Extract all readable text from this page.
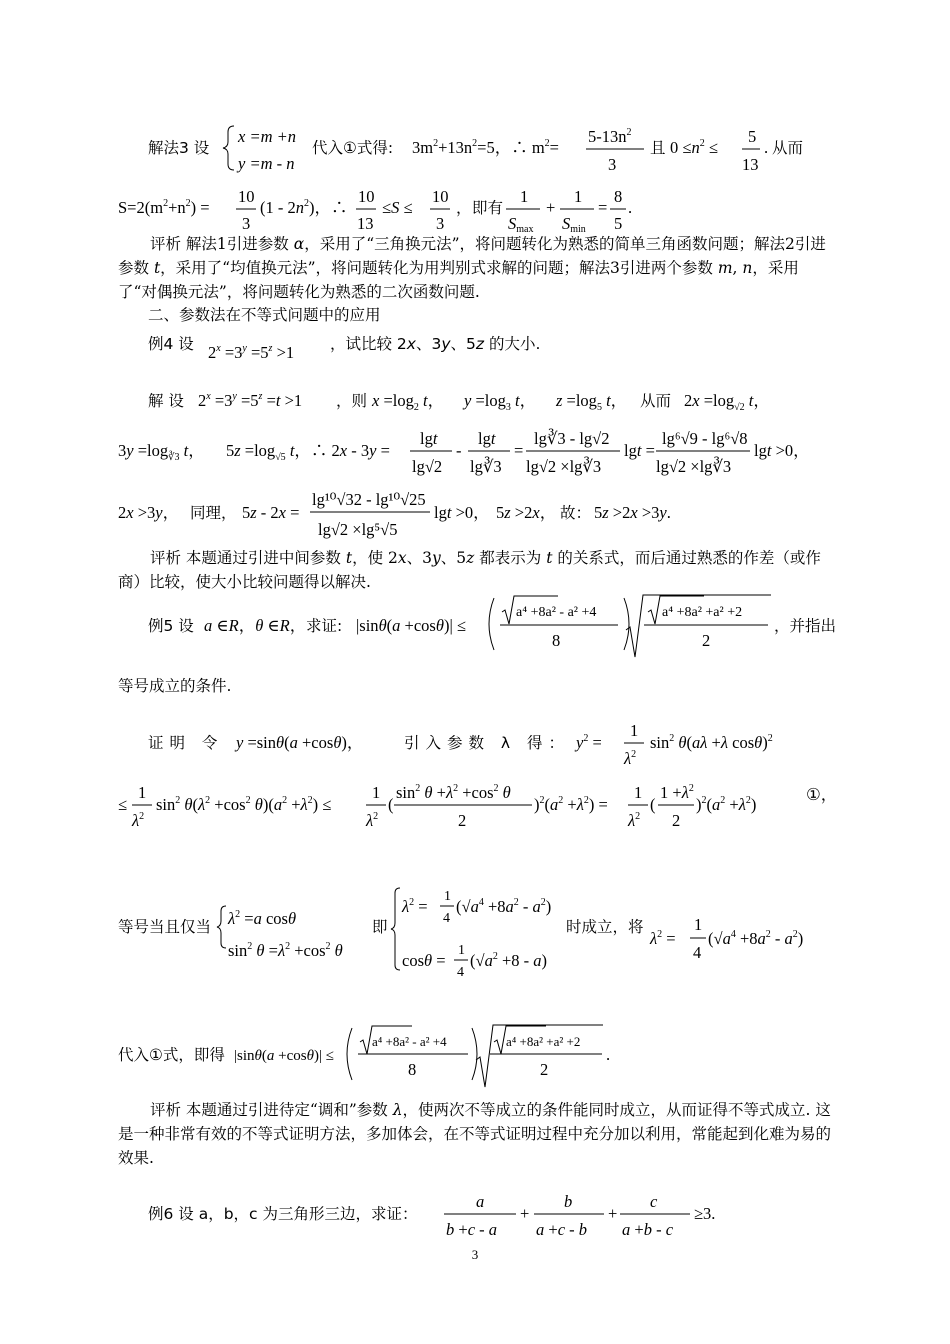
解法3 设
x =m +n
y =m - n
代入①式得: $3m^2+13n^2=5$，∴ $m^2=$
$5-13n^2$
3
且 $0 \le n^2$ ≤
5
13
. 从而
$S=2(m^2+n^2)$ =
10
3
$(1 - 2n^2)$，∴
10
13
≤S ≤
10
3
， 即有
1
Smax
+
1
Smin
=
8
5
.
例4 设 $2^x =3^y =5^z >1$ ，试比较 2x、3y、5z 的大小.
解 设 $2^x =3^y =5^z =t >1$ ，则 $x =\log_2$ t， $y =\log_3$ t， $z =\log_5$ t， 从而 $2x =\log_{√2}$ t，
$3y =\log_{∛3}$ t， $5z =\log_{√5}$ t，∴ 2x - 3y =
lgt
lg√2
-
lgt
lg∛3
=
lg∛3 - lg√2
lg√2 ×lg∛3
lgt =
lg⁶√9 - lg⁶√8
lg√2 ×lg∛3
lgt >0，
2x >3y， 同理， 5z - 2x =
lg¹⁰√32 - lg¹⁰√25
lg√2 ×lg⁵√5
lgt >0， 5z >2x， 故： 5z >2x >3y.
例5 设 a ∈R，θ ∈R， 求证: |sinθ(a +cosθ)| ≤
a⁴ +8a² - a² +4
8
a⁴ +8a² +a² +2
2
，并指出
等号成立的条件.
证明 令 y =sinθ(a +cosθ)，	引入参数 λ 得： $y^2$ =
1
$\lambda^2$
$\sin^2 \theta(a\lambda +\lambda$ cosθ)$^2$
≤
1
$\lambda^2$
$\sin^2 \theta(\lambda^2 +\cos^2$ $\theta)(a^2 +\lambda^2)$ ≤
1
$\lambda^2$
(
$\sin^2 \theta +\lambda^2 +\cos^2$ θ
2
)$^2(a^2 +\lambda^2)$ =
1
$\lambda^2$
(
$1 +\lambda^2$
2
)$^2(a^2 +\lambda^2)$
①，
等号当且仅当 $\lambda^2 =a$ cosθ
$\sin^2 \theta =\lambda^2 +\cos^2$ θ
即
$\lambda^2$ =
1
4
$(√a^4 +8a^2 - a^2)$
cosθ =
1
4
$(√a^2 +8 - a)$
时成立，将
$\lambda^2$ =
1
4
$(√a^4 +8a^2 - a^2)$
代入①式，即得 |sinθ(a +cosθ)| ≤
a⁴ +8a² - a² +4
8
a⁴ +8a² +a² +2
2
.
例6 设 a，b，c 为三角形三边，求证：
a
b +c - a
+
b
a +c - b
+
c
a +b - c
≥3.
评析 解法1引进参数 α，采用了“三角换元法”，将问题转化为熟悉的简单三角函数问题；解法2引进参数 t，采用了“均值换元法”，将问题转化为用判别式求解的问题；解法3引进两个参数 m, n，采用了“对偶换元法”，将问题转化为熟悉的二次函数问题.
二、参数法在不等式问题中的应用
评析 本题通过引进中间参数 t，使 2x、3y、5z 都表示为 t 的关系式，而后通过熟悉的作差（或作商）比较，使大小比较问题得以解决.
评析 本题通过引进待定“调和”参数 λ，使两次不等成立的条件能同时成立，从而证得不等式成立. 这是一种非常有效的不等式证明方法，多加体会，在不等式证明过程中充分加以利用，常能起到化难为易的效果.
3
